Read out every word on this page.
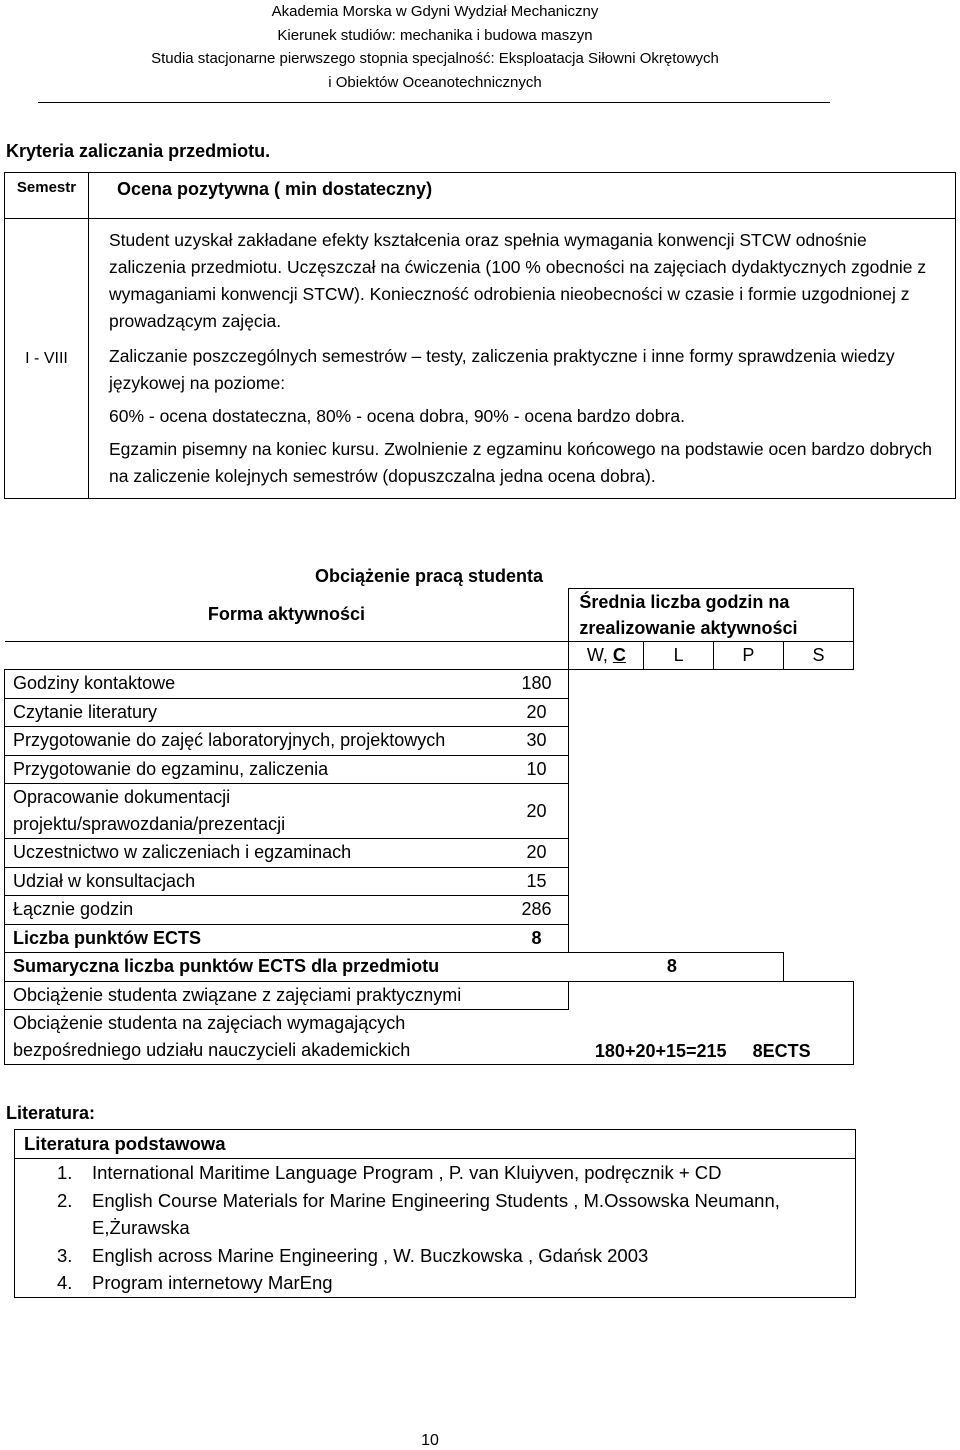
Akademia Morska w Gdyni Wydział Mechaniczny
Kierunek studiów: mechanika i budowa maszyn
Studia stacjonarne pierwszego stopnia specjalność: Eksploatacja Siłowni Okrętowych
i Obiektów Oceanotechnicznych
Kryteria zaliczania przedmiotu.
Semestr	Ocena pozytywna ( min dostateczny)
I - VIII	Student uzyskał zakładane efekty kształcenia oraz spełnia wymagania konwencji STCW odnośnie zaliczenia przedmiotu. Uczęszczał na ćwiczenia (100 % obecności na zajęciach dydaktycznych zgodnie z wymaganiami konwencji STCW). Konieczność odrobienia nieobecności w czasie i formie uzgodnionej z prowadzącym zajęcia.

Zaliczanie poszczególnych semestrów – testy, zaliczenia praktyczne i inne formy sprawdzenia wiedzy językowej na poziome:

60% - ocena dostateczna, 80% - ocena dobra, 90% - ocena bardzo dobra.

Egzamin pisemny na koniec kursu. Zwolnienie z egzaminu końcowego na podstawie ocen bardzo dobrych na zaliczenie kolejnych semestrów (dopuszczalna jedna ocena dobra).

Obciążenie pracą studenta
Forma aktywności		Średnia liczba godzin na
zrealizowanie aktywności			

		W, C	L	P	S
Godziny kontaktowe	180				
Czytanie literatury	20				
Przygotowanie do zajęć laboratoryjnych, projektowych	30				
Przygotowanie do egzaminu, zaliczenia	10				
Opracowanie dokumentacji projektu/sprawozdania/prezentacji	20				
Uczestnictwo w zaliczeniach i egzaminach	20				
Udział w konsultacjach	15				
Łącznie godzin	286				
Liczba punktów ECTS	8				
Sumaryczna liczba punktów ECTS dla przedmiotu		8			
Obciążenie studenta związane z zajęciami praktycznymi					
Obciążenie studenta na zajęciach wymagających bezpośredniego udziału nauczycieli akademickich		180+20+15=215 8ECTS			
Literatura:
Literatura podstawowa
1. International Maritime Language Program , P. van Kluiyven, podręcznik + CD
2. English Course Materials for Marine Engineering Students , M.Ossowska Neumann, E,Żurawska
3. English across Marine Engineering , W. Buczkowska , Gdańsk 2003
4. Program internetowy MarEng
10
